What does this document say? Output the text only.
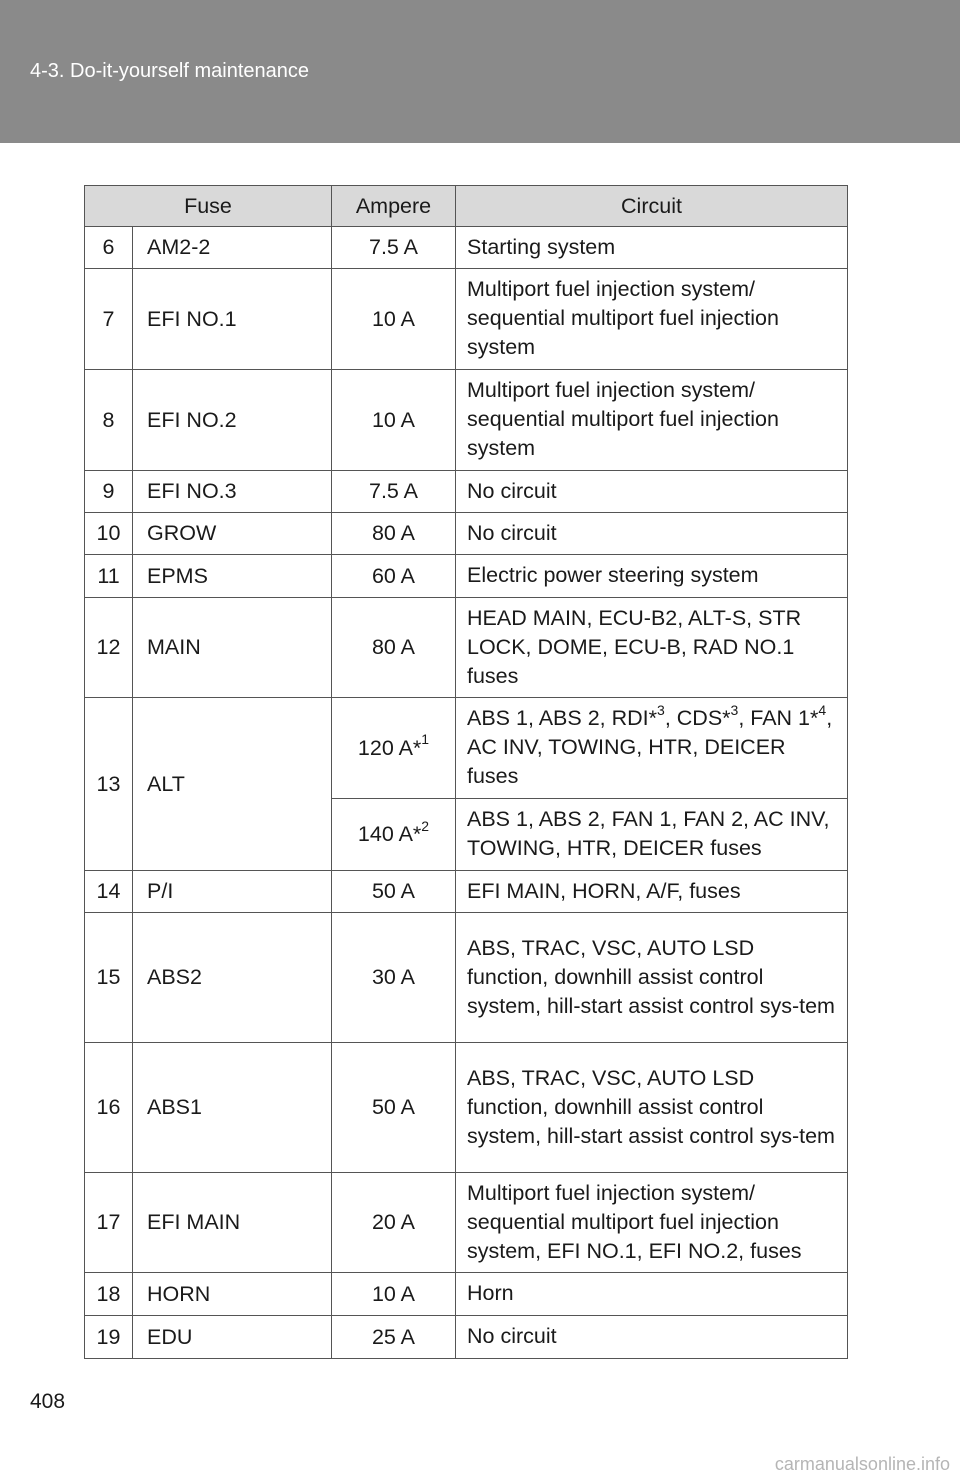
4-3. Do-it-yourself maintenance
Fuse		Ampere	Circuit
6	AM2-2	7.5 A	Starting system
7	EFI NO.1	10 A	Multiport fuel injection system/ sequential multiport fuel injection system
8	EFI NO.2	10 A	Multiport fuel injection system/ sequential multiport fuel injection system
9	EFI NO.3	7.5 A	No circuit
10	GROW	80 A	No circuit
11	EPMS	60 A	Electric power steering system
12	MAIN	80 A	HEAD MAIN, ECU-B2, ALT-S, STR LOCK, DOME, ECU-B, RAD NO.1 fuses
13	ALT	120 A*$^1$	ABS 1, ABS 2, RDI*$^3$, CDS*$^3$, FAN 1*$^4$, AC INV, TOWING, HTR, DEICER fuses
		140 A*$^2$	ABS 1, ABS 2, FAN 1, FAN 2, AC INV, TOWING, HTR, DEICER fuses
14	P/I	50 A	EFI MAIN, HORN, A/F, fuses
15	ABS2	30 A	ABS, TRAC, VSC, AUTO LSD function, downhill assist control system, hill-start assist control sys-tem
16	ABS1	50 A	ABS, TRAC, VSC, AUTO LSD function, downhill assist control system, hill-start assist control sys-tem
17	EFI MAIN	20 A	Multiport fuel injection system/ sequential multiport fuel injection system, EFI NO.1, EFI NO.2, fuses
18	HORN	10 A	Horn
19	EDU	25 A	No circuit
408
carmanualsonline.info
